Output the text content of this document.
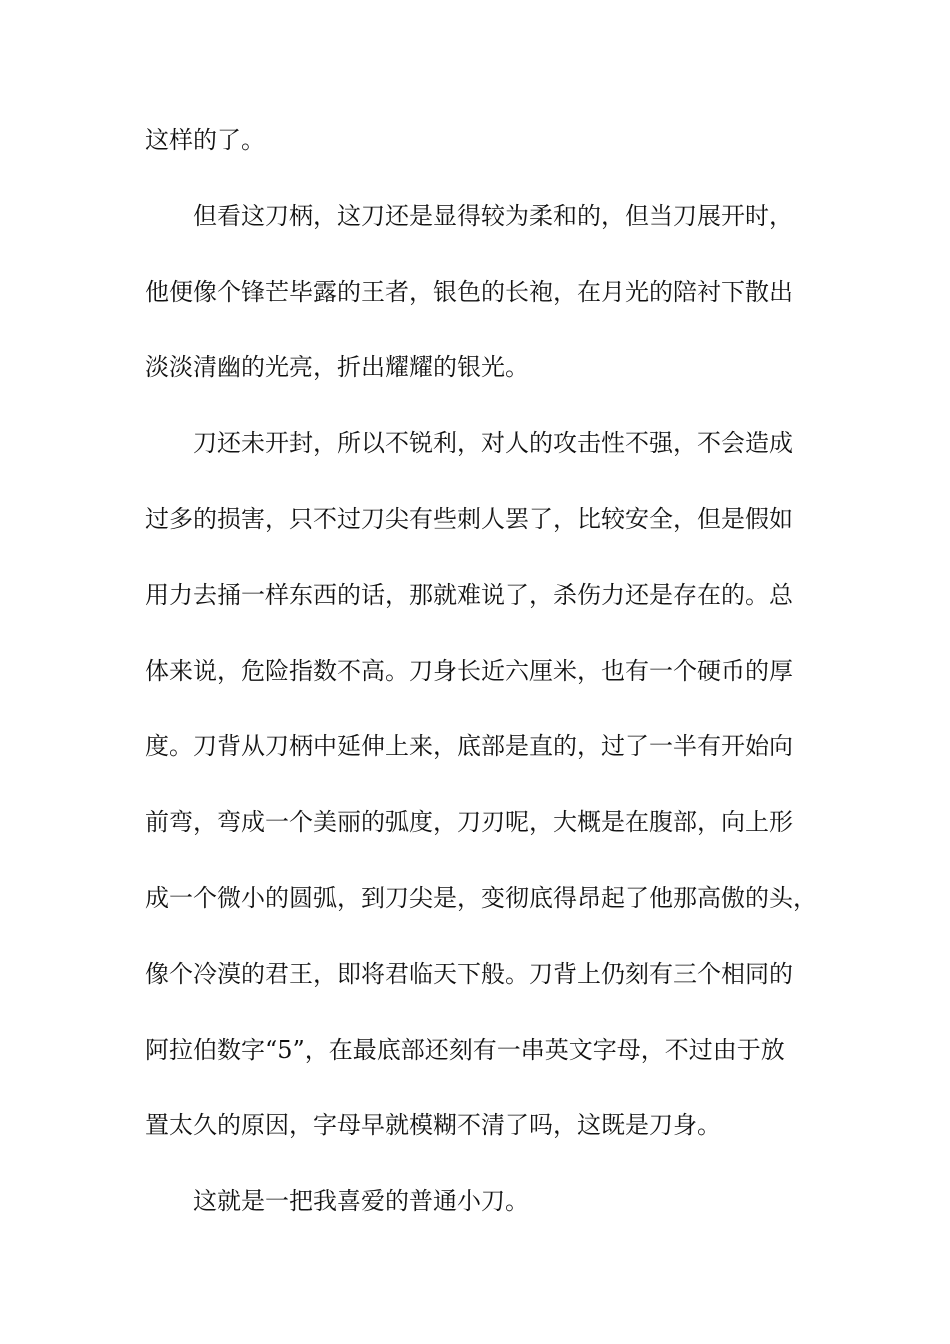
这样的了。
但看这刀柄，这刀还是显得较为柔和的，但当刀展开时，
他便像个锋芒毕露的王者，银色的长袍，在月光的陪衬下散出
淡淡清幽的光亮，折出耀耀的银光。
刀还未开封，所以不锐利，对人的攻击性不强，不会造成
过多的损害，只不过刀尖有些刺人罢了，比较安全，但是假如
用力去捅一样东西的话，那就难说了，杀伤力还是存在的。总
体来说，危险指数不高。刀身长近六厘米，也有一个硬币的厚
度。刀背从刀柄中延伸上来，底部是直的，过了一半有开始向
前弯，弯成一个美丽的弧度，刀刃呢，大概是在腹部，向上形
成一个微小的圆弧，到刀尖是，变彻底得昂起了他那高傲的头，
像个冷漠的君王，即将君临天下般。刀背上仍刻有三个相同的
阿拉伯数字“5”，在最底部还刻有一串英文字母，不过由于放
置太久的原因，字母早就模糊不清了吗，这既是刀身。
这就是一把我喜爱的普通小刀。
